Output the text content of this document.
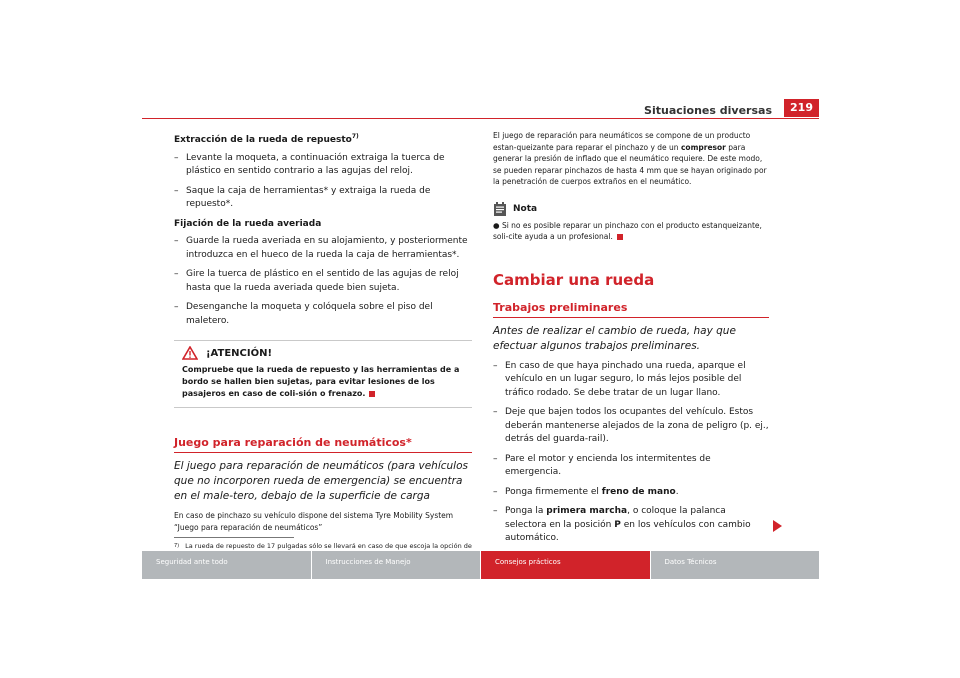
Situaciones diversas	219

Extracción de la rueda de repuesto$^{7)}$

– Levante la moqueta, a continuación extraiga la tuerca de plástico en sentido contrario a las agujas del reloj.
– Saque la caja de herramientas* y extraiga la rueda de repuesto*.

Fijación de la rueda averiada

– Guarde la rueda averiada en su alojamiento, y posteriormente introduzca en el hueco de la rueda la caja de herramientas*.
– Gire la tuerca de plástico en el sentido de las agujas de reloj hasta que la rueda averiada quede bien sujeta.
– Desenganche la moqueta y colóquela sobre el piso del maletero.
¡ATENCIÓN!

Compruebe que la rueda de repuesto y las herramientas de a bordo se hallen bien sujetas, para evitar lesiones de los pasajeros en caso de coli-sión o frenazo.

Juego para reparación de neumáticos*

El juego para reparación de neumáticos (para vehículos que no incorporen rueda de emergencia) se encuentra en el male-tero, debajo de la superficie de carga

En caso de pinchazo su vehículo dispone del sistema Tyre Mobility System “Juego para reparación de neumáticos”

7) La rueda de repuesto de 17 pulgadas sólo se llevará en caso de que escoja la opción de

El juego de reparación para neumáticos se compone de un producto estan-queizante para reparar el pinchazo y de un compresor para generar la presión de inflado que el neumático requiere. De este modo, se pueden reparar pinchazos de hasta 4 mm que se hayan originado por la penetración de cuerpos extraños en el neumático.

Nota

● Si no es posible reparar un pinchazo con el producto estanqueizante, soli-cite ayuda a un profesional.

Cambiar una rueda
Trabajos preliminares

Antes de realizar el cambio de rueda, hay que efectuar algunos trabajos preliminares.

– En caso de que haya pinchado una rueda, aparque el vehículo en un lugar seguro, lo más lejos posible del tráfico rodado. Se debe tratar de un lugar llano.
– Deje que bajen todos los ocupantes del vehículo. Estos deberán mantenerse alejados de la zona de peligro (p. ej., detrás del guarda-rail).
– Pare el motor y encienda los intermitentes de emergencia.
– Ponga firmemente el freno de mano.
– Ponga la primera marcha, o coloque la palanca selectora en la posición P en los vehículos con cambio automático.
Seguridad ante todo	Instrucciones de Manejo	Consejos prácticos	Datos Técnicos
